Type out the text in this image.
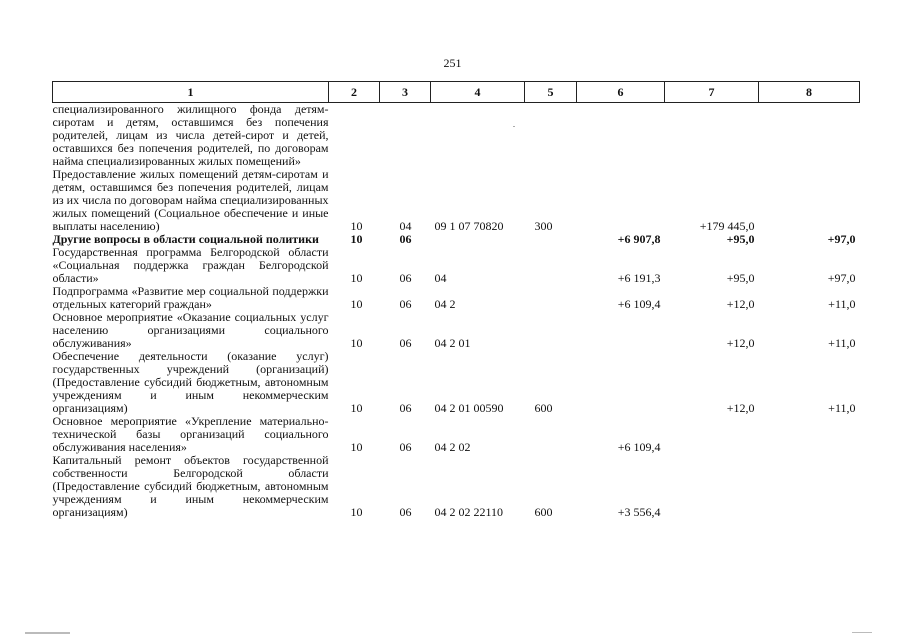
251
1	2	3	4	5	6	7	8
специализированного жилищного фонда детям-сиротам и детям, оставшимся без попечения родителей, лицам из числа детей-сирот и детей, оставшихся без попечения родителей, по договорам найма специализированных жилых помещений»							
Предоставление жилых помещений детям-сиротам и детям, оставшимся без попечения родителей, лицам из их числа по договорам найма специализированных жилых помещений (Социальное обеспечение и иные выплаты населению)	10	04	09 1 07 70820	300		+179 445,0	
Другие вопросы в области социальной политики	10	06			+6 907,8	+95,0	+97,0
Государственная программа Белгородской области «Социальная поддержка граждан Белгородской области»	10	06	04		+6 191,3	+95,0	+97,0
Подпрограмма «Развитие мер социальной поддержки отдельных категорий граждан»	10	06	04 2		+6 109,4	+12,0	+11,0
Основное мероприятие «Оказание социальных услуг населению организациями социального обслуживания»	10	06	04 2 01			+12,0	+11,0
Обеспечение деятельности (оказание услуг) государственных учреждений (организаций) (Предоставление субсидий бюджетным, автономным учреждениям и иным некоммерческим организациям)	10	06	04 2 01 00590	600		+12,0	+11,0
Основное мероприятие «Укрепление материально-технической базы организаций социального обслуживания населения»	10	06	04 2 02		+6 109,4		
Капитальный ремонт объектов государственной собственности Белгородской области (Предоставление субсидий бюджетным, автономным учреждениям и иным некоммерческим организациям)	10	06	04 2 02 22110	600	+3 556,4		
